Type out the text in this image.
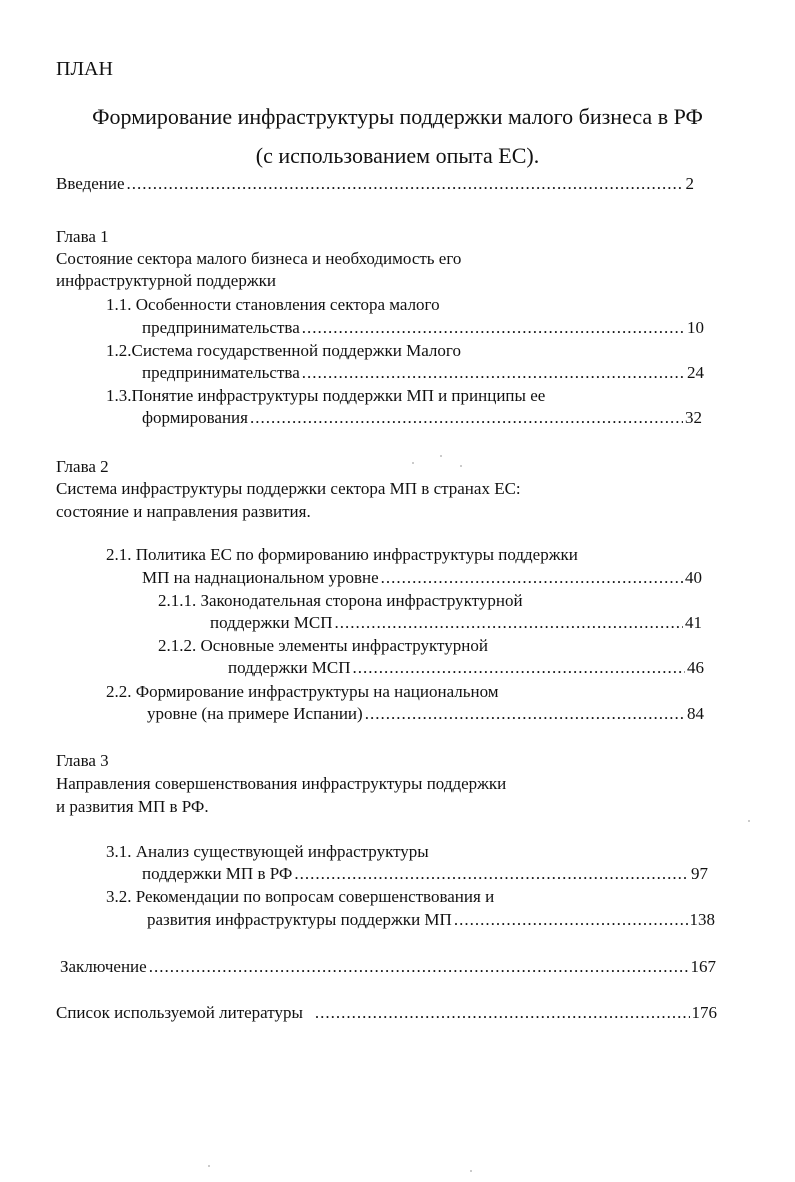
ПЛАН
Формирование инфраструктуры поддержки малого бизнеса в РФ
(с использованием опыта ЕС).
Введение .....	2
Глава 1
Состояние сектора малого бизнеса и необходимость его
инфраструктурной поддержки
1.1. Особенности становления сектора малого
предпринимательства .....	10
1.2.Система государственной поддержки Малого
предпринимательства .....	24
1.3.Понятие инфраструктуры поддержки МП и принципы ее
формирования .....	32
Глава 2
Система инфраструктуры поддержки сектора МП в странах ЕС:
состояние и направления развития.
2.1. Политика ЕС по формированию инфраструктуры поддержки
МП на наднациональном уровне .....	40
2.1.1. Законодательная сторона инфраструктурной
поддержки МСП .....	41
2.1.2. Основные элементы инфраструктурной
поддержки МСП .....	46
2.2. Формирование инфраструктуры на национальном
уровне (на примере Испании) .....	84
Глава 3
Направления совершенствования инфраструктуры поддержки
и развития МП в РФ.
3.1. Анализ существующей инфраструктуры
поддержки МП в РФ .....	97
3.2. Рекомендации по вопросам совершенствования и
развития инфраструктуры поддержки МП .....	138
Заключение .....	167
Список используемой литературы .....	176
